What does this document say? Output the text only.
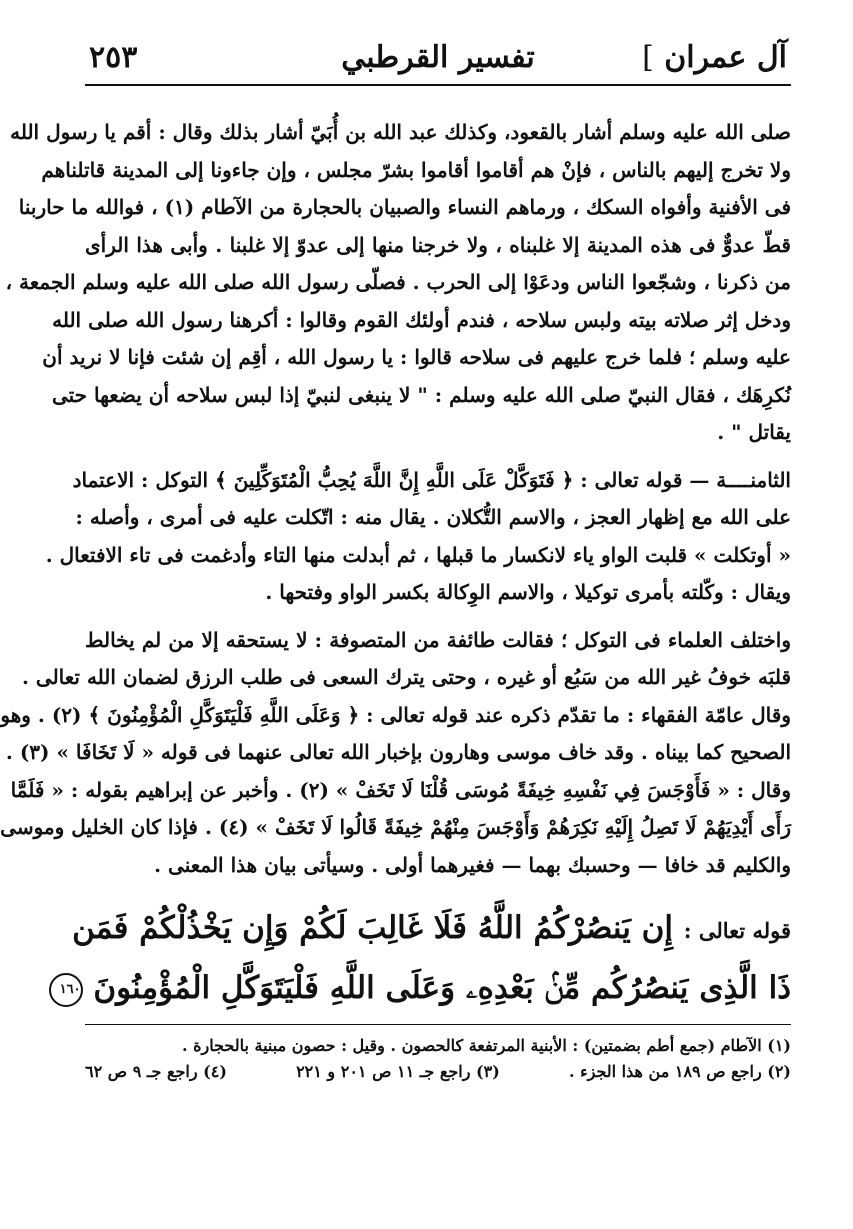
آل عمران ]
تفسير القرطبي
٢٥٣
صلى الله عليه وسلم أشار بالقعود، وكذلك عبد الله بن أُبَيّ أشار بذلك وقال : أقم يا رسول الله
ولا تخرج إليهم بالناس ، فإنْ هم أقاموا أقاموا بشرّ مجلس ، وإن جاءونا إلى المدينة قاتلناهم
فى الأفنية وأفواه السكك ، ورماهم النساء والصبيان بالحجارة من الآطام (١) ، فوالله ما حاربنا
قطّ عدوٌّ فى هذه المدينة إلا غلبناه ، ولا خرجنا منها إلى عدوّ إلا غلبنا . وأبى هذا الرأى
من ذكرنا ، وشجّعوا الناس ودعَوْا إلى الحرب . فصلّى رسول الله صلى الله عليه وسلم الجمعة ،
ودخل إثر صلاته بيته ولبس سلاحه ، فندم أولئك القوم وقالوا : أكرهنا رسول الله صلى الله
عليه وسلم ؛ فلما خرج عليهم فى سلاحه قالوا : يا رسول الله ، أقِم إن شئت فإنا لا نريد أن
نُكرِهَك ، فقال النبيّ صلى الله عليه وسلم : " لا ينبغى لنبيّ إذا لبس سلاحه أن يضعها حتى
يقاتل " .
الثامنــــة — قوله تعالى : ﴿ فَتَوَكَّلْ عَلَى اللَّهِ إِنَّ اللَّهَ يُحِبُّ الْمُتَوَكِّلِينَ ﴾ التوكل : الاعتماد
على الله مع إظهار العجز ، والاسم التُّكلان . يقال منه : اتّكلت عليه فى أمرى ، وأصله :
« أوتكلت » قلبت الواو ياء لانكسار ما قبلها ، ثم أبدلت منها التاء وأدغمت فى تاء الافتعال .
ويقال : وكّلته بأمرى توكيلا ، والاسم الوِكالة بكسر الواو وفتحها .
واختلف العلماء فى التوكل ؛ فقالت طائفة من المتصوفة : لا يستحقه إلا من لم يخالط
قلبَه خوفُ غير الله من سَبُع أو غيره ، وحتى يترك السعى فى طلب الرزق لضمان الله تعالى .
وقال عامّة الفقهاء : ما تقدّم ذكره عند قوله تعالى : ﴿ وَعَلَى اللَّهِ فَلْيَتَوَكَّلِ الْمُؤْمِنُونَ ﴾ (٢) . وهو
الصحيح كما بيناه . وقد خاف موسى وهارون بإخبار الله تعالى عنهما فى قوله « لَا تَخَافَا » (٣) .
وقال : « فَأَوْجَسَ فِي نَفْسِهِ خِيفَةً مُوسَى قُلْنَا لَا تَخَفْ » (٢) . وأخبر عن إبراهيم بقوله : « فَلَمَّا
رَأَى أَيْدِيَهُمْ لَا تَصِلُ إِلَيْهِ نَكِرَهُمْ وَأَوْجَسَ مِنْهُمْ خِيفَةً قَالُوا لَا تَخَفْ » (٤) . فإذا كان الخليل وموسى
والكليم قد خافا — وحسبك بهما — فغيرهما أولى . وسيأتى بيان هذا المعنى .
قوله تعالى : إِن يَنصُرْكُمُ اللَّهُ فَلَا غَالِبَ لَكُمْ وَإِن يَخْذُلْكُمْ فَمَن
ذَا الَّذِى يَنصُرُكُم مِّنۢ بَعْدِهِۦ وَعَلَى اللَّهِ فَلْيَتَوَكَّلِ الْمُؤْمِنُونَ ١٦٠
(١) الآطام (جمع أطم بضمتين) : الأبنية المرتفعة كالحصون . وقيل : حصون مبنية بالحجارة .
(٢) راجع ص ١٨٩ من هذا الجزء .
(٣) راجع جـ ١١ ص ٢٠١ و ٢٢١
(٤) راجع جـ ٩ ص ٦٢
